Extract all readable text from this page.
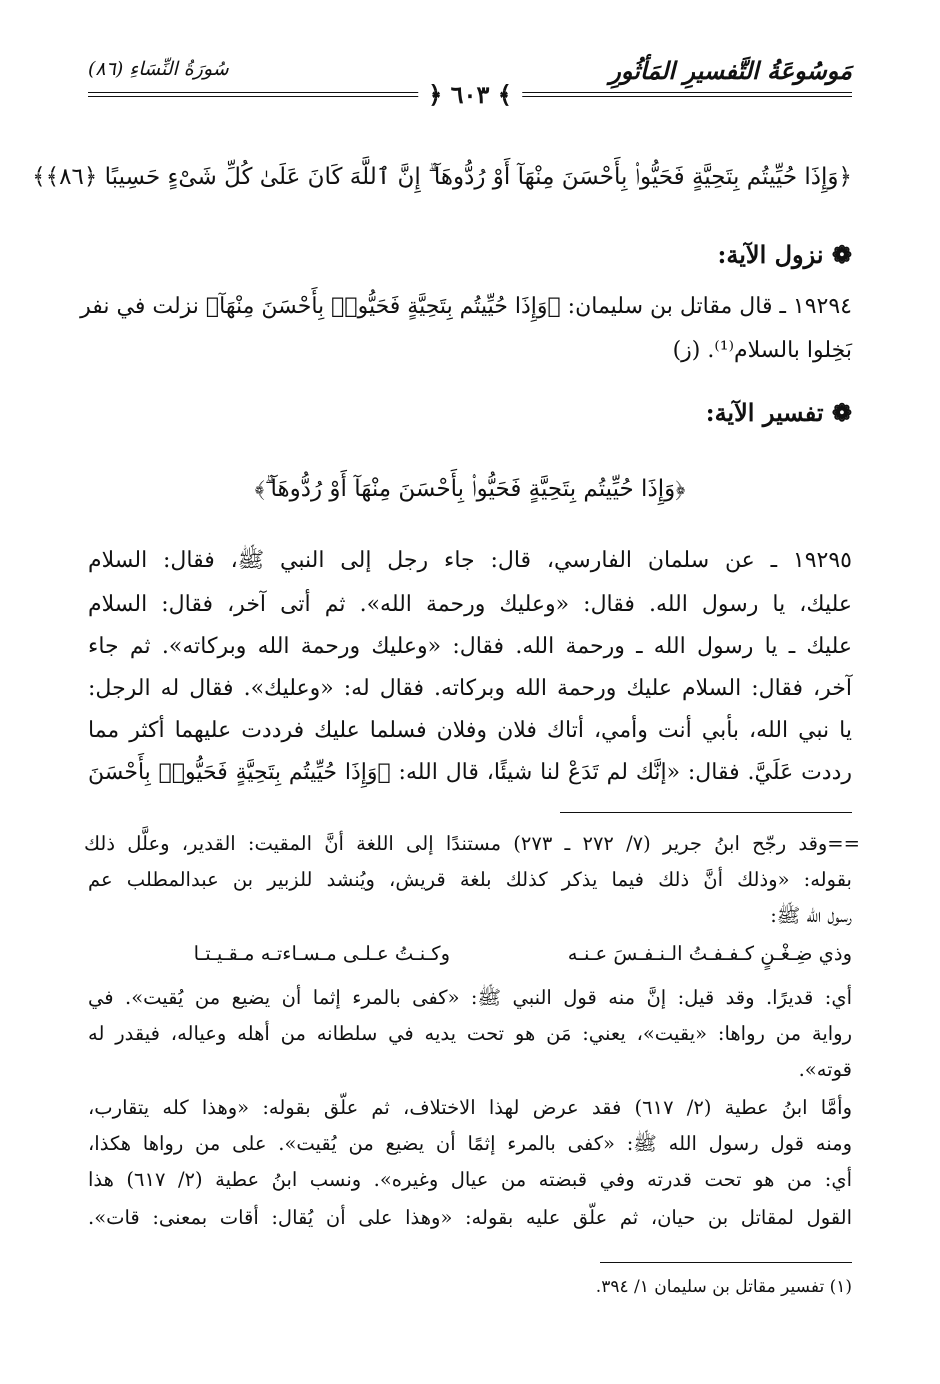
مَوسُوعَةُ التَّفسيرِ المَأثُورِ
سُورَةُ النِّسَاءِ (٨٦)
﴾ ٦٠٣ ﴿
﴿وَإِذَا حُيِّيتُم بِتَحِيَّةٍ فَحَيُّوا۟ بِأَحْسَنَ مِنْهَآ أَوْ رُدُّوهَآ ۗ إِنَّ ٱللَّهَ كَانَ عَلَىٰ كُلِّ شَىْءٍ حَسِيبًا ﴿٨٦﴾﴾
❁ نزول الآية:
١٩٢٩٤ ـ قال مقاتل بن سليمان: ﴿وَإِذَا حُيِّيتُم بِتَحِيَّةٍ فَحَيُّوا۟ بِأَحْسَنَ مِنْهَآ﴾ نزلت في نفر
بَخِلوا بالسلام⁽¹⁾. (ز)
❁ تفسير الآية:
﴿وَإِذَا حُيِّيتُم بِتَحِيَّةٍ فَحَيُّوا۟ بِأَحْسَنَ مِنْهَآ أَوْ رُدُّوهَآ ۗ﴾
١٩٢٩٥ ـ عن سلمان الفارسي، قال: جاء رجل إلى النبي ﷺ، فقال: السلام
عليك، يا رسول الله. فقال: «وعليك ورحمة الله». ثم أتى آخر، فقال: السلام
عليك ـ يا رسول الله ـ ورحمة الله. فقال: «وعليك ورحمة الله وبركاته». ثم جاء
آخر، فقال: السلام عليك ورحمة الله وبركاته. فقال له: «وعليك». فقال له الرجل:
يا نبي الله، بأبي أنت وأمي، أتاك فلان وفلان فسلما عليك فرددت عليهما أكثر مما
رددت عَلَيَّ. فقال: «إنَّك لم تَدَعْ لنا شيئًا، قال الله: ﴿وَإِذَا حُيِّيتُم بِتَحِيَّةٍ فَحَيُّوا۟ بِأَحْسَنَ
==وقد رجّح ابنُ جرير (٧/ ٢٧٢ ـ ٢٧٣) مستندًا إلى اللغة أنَّ المقيت: القدير، وعلَّل ذلك
بقوله: «وذلك أنَّ ذلك فيما يذكر كذلك بلغة قريش، ويُنشد للزبير بن عبدالمطلب عم
رسول الله ﷺ:
وذي ضِـغْـنٍ كـفـفـتُ الـنـفـسَ عـنـه
وكـنـتُ عـلـى مـسـاءتـه مـقـيـتـا
أي: قديرًا. وقد قيل: إنَّ منه قول النبي ﷺ: «كفى بالمرء إثما أن يضيع من يُقيت». في
رواية من رواها: «يقيت»، يعني: مَن هو تحت يديه في سلطانه من أهله وعياله، فيقدر له
قوته».
وأمَّا ابنُ عطية (٢/ ٦١٧) فقد عرض لهذا الاختلاف، ثم علّق بقوله: «وهذا كله يتقارب،
ومنه قول رسول الله ﷺ: «كفى بالمرء إثمًا أن يضيع من يُقيت». على من رواها هكذا،
أي: من هو تحت قدرته وفي قبضته من عيال وغيره». ونسب ابنُ عطية (٢/ ٦١٧) هذا
القول لمقاتل بن حيان، ثم علّق عليه بقوله: «وهذا على أن يُقال: أقات بمعنى: قات».
(١) تفسير مقاتل بن سليمان ١/ ٣٩٤.
